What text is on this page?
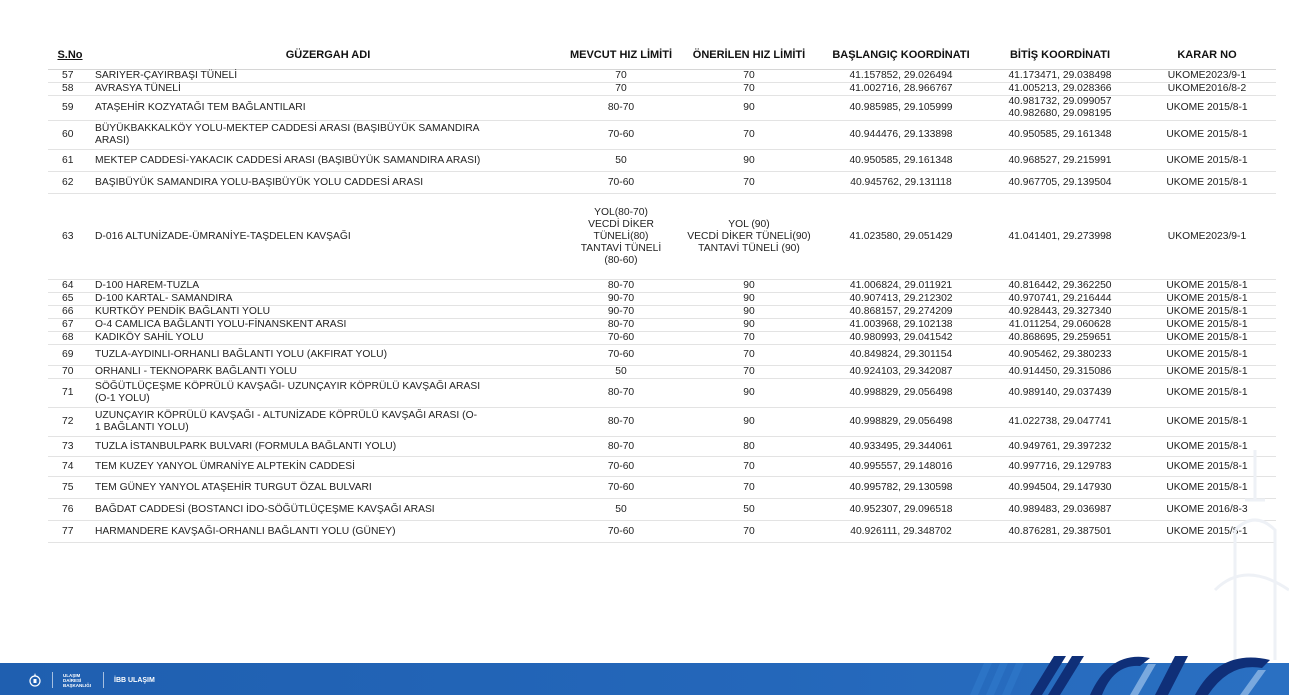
S.No	GÜZERGAH ADI	MEVCUT HIZ LİMİTİ	ÖNERİLEN HIZ LİMİTİ	BAŞLANGIÇ KOORDİNATI	BİTİŞ KOORDİNATI	KARAR NO
57	SARIYER-ÇAYIRBAŞI TÜNELİ	70	70	41.157852, 29.026494	41.173471, 29.038498	UKOME2023/9-1
58	AVRASYA TÜNELİ	70	70	41.002716, 28.966767	41.005213, 29.028366	UKOME2016/8-2
59	ATAŞEHİR KOZYATAĞI TEM BAĞLANTILARI	80-70	90	40.985985, 29.105999	40.981732, 29.099057
40.982680, 29.098195	UKOME 2015/8-1
60	BÜYÜKBAKKALKÖY YOLU-MEKTEP CADDESİ ARASI (BAŞIBÜYÜK SAMANDIRA
ARASI)	70-60	70	40.944476, 29.133898	40.950585, 29.161348	UKOME 2015/8-1
61	MEKTEP CADDESİ-YAKACIK CADDESİ ARASI (BAŞIBÜYÜK SAMANDIRA ARASI)	50	90	40.950585, 29.161348	40.968527, 29.215991	UKOME 2015/8-1
62	BAŞIBÜYÜK SAMANDIRA YOLU-BAŞIBÜYÜK YOLU CADDESİ ARASI	70-60	70	40.945762, 29.131118	40.967705, 29.139504	UKOME 2015/8-1
63	D-016 ALTUNİZADE-ÜMRANİYE-TAŞDELEN KAVŞAĞI	YOL(80-70)
VECDİ DİKER
TÜNELİ(80)
TANTAVİ TÜNELİ
(80-60)	YOL (90)
VECDİ DİKER TÜNELİ(90)
TANTAVİ TÜNELİ (90)	41.023580, 29.051429	41.041401, 29.273998	UKOME2023/9-1
64	D-100 HAREM-TUZLA	80-70	90	41.006824, 29.011921	40.816442, 29.362250	UKOME 2015/8-1
65	D-100 KARTAL- SAMANDIRA	90-70	90	40.907413, 29.212302	40.970741, 29.216444	UKOME 2015/8-1
66	KURTKÖY PENDİK BAĞLANTI YOLU	90-70	90	40.868157, 29.274209	40.928443, 29.327340	UKOME 2015/8-1
67	O-4 CAMLICA BAĞLANTI YOLU-FİNANSKENT ARASI	80-70	90	41.003968, 29.102138	41.011254, 29.060628	UKOME 2015/8-1
68	KADIKÖY SAHİL YOLU	70-60	70	40.980993, 29.041542	40.868695, 29.259651	UKOME 2015/8-1
69	TUZLA-AYDINLI-ORHANLI BAĞLANTI YOLU (AKFIRAT YOLU)	70-60	70	40.849824, 29.301154	40.905462, 29.380233	UKOME 2015/8-1
70	ORHANLI - TEKNOPARK BAĞLANTI YOLU	50	70	40.924103, 29.342087	40.914450, 29.315086	UKOME 2015/8-1
71	SÖĞÜTLÜÇEŞME KÖPRÜLÜ KAVŞAĞI- UZUNÇAYIR KÖPRÜLÜ KAVŞAĞI ARASI
(O-1 YOLU)	80-70	90	40.998829, 29.056498	40.989140, 29.037439	UKOME 2015/8-1
72	UZUNÇAYIR KÖPRÜLÜ KAVŞAĞI - ALTUNİZADE KÖPRÜLÜ KAVŞAĞI ARASI (O-
1 BAĞLANTI YOLU)	80-70	90	40.998829, 29.056498	41.022738, 29.047741	UKOME 2015/8-1
73	TUZLA İSTANBULPARK BULVARI (FORMULA BAĞLANTI YOLU)	80-70	80	40.933495, 29.344061	40.949761, 29.397232	UKOME 2015/8-1
74	TEM KUZEY YANYOL ÜMRANİYE ALPTEKİN CADDESİ	70-60	70	40.995557, 29.148016	40.997716, 29.129783	UKOME 2015/8-1
75	TEM GÜNEY YANYOL ATAŞEHİR TURGUT ÖZAL BULVARI	70-60	70	40.995782, 29.130598	40.994504, 29.147930	UKOME 2015/8-1
76	BAĞDAT CADDESİ (BOSTANCI İDO-SÖĞÜTLÜÇEŞME KAVŞAĞI ARASI	50	50	40.952307, 29.096518	40.989483, 29.036987	UKOME 2016/8-3
77	HARMANDERE KAVŞAĞI-ORHANLI BAĞLANTI YOLU (GÜNEY)	70-60	70	40.926111, 29.348702	40.876281, 29.387501	UKOME 2015/8-1
ULAŞIM DAİRESİ BAŞKANLIĞI
İBB ULAŞIM
